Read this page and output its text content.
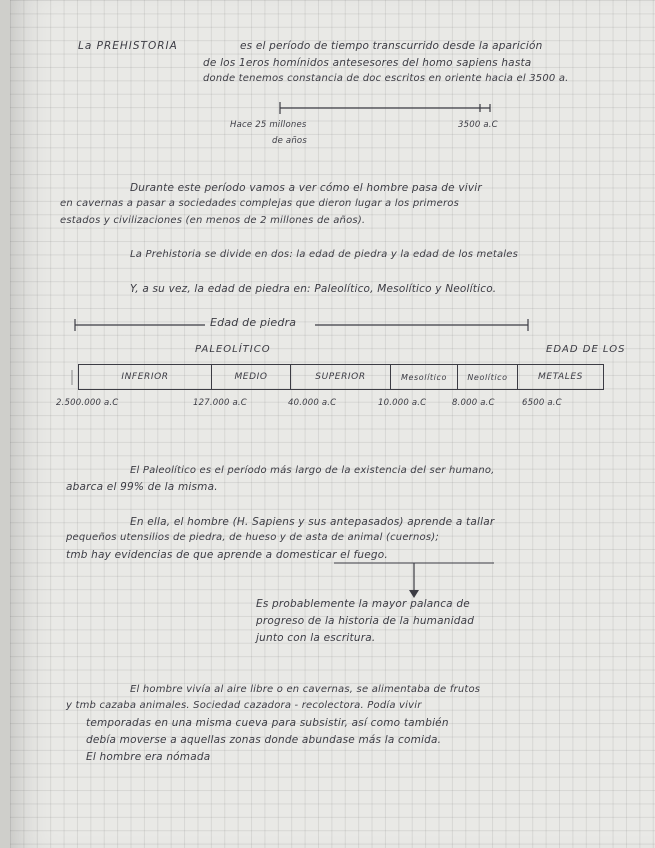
La PREHISTORIA	es el período de tiempo transcurrido desde la aparición
de los 1eros homínidos antesesores del homo sapiens hasta
donde tenemos constancia de doc escritos en oriente hacia el 3500 a.
Hace 25 millones
de años
3500 a.C
Durante este período vamos a ver cómo el hombre pasa de vivir
en cavernas a pasar a sociedades complejas que dieron lugar a los primeros
estados y civilizaciones (en menos de 2 millones de años).
La Prehistoria se divide en dos: la edad de piedra y la edad de los metales
Y, a su vez, la edad de piedra en: Paleolítico, Mesolítico y Neolítico.
Edad de piedra
PALEOLÍTICO	EDAD DE LOS
INFERIOR	MEDIO	SUPERIOR	Mesolítico	Neolítico	METALES
2.500.000 a.C	127.000 a.C	40.000 a.C	10.000 a.C	8.000 a.C	6500 a.C
El Paleolítico es el período más largo de la existencia del ser humano,
abarca el 99% de la misma.
En ella, el hombre (H. Sapiens y sus antepasados) aprende a tallar
pequeños utensilios de piedra, de hueso y de asta de animal (cuernos);
tmb hay evidencias de que aprende a domesticar el fuego.
Es probablemente la mayor palanca de
progreso de la historia de la humanidad
junto con la escritura.
El hombre vivía al aire libre o en cavernas, se alimentaba de frutos
y tmb cazaba animales. Sociedad cazadora - recolectora. Podía vivir
temporadas en una misma cueva para subsistir, así como también
debía moverse a aquellas zonas donde abundase más la comida.
El hombre era nómada
